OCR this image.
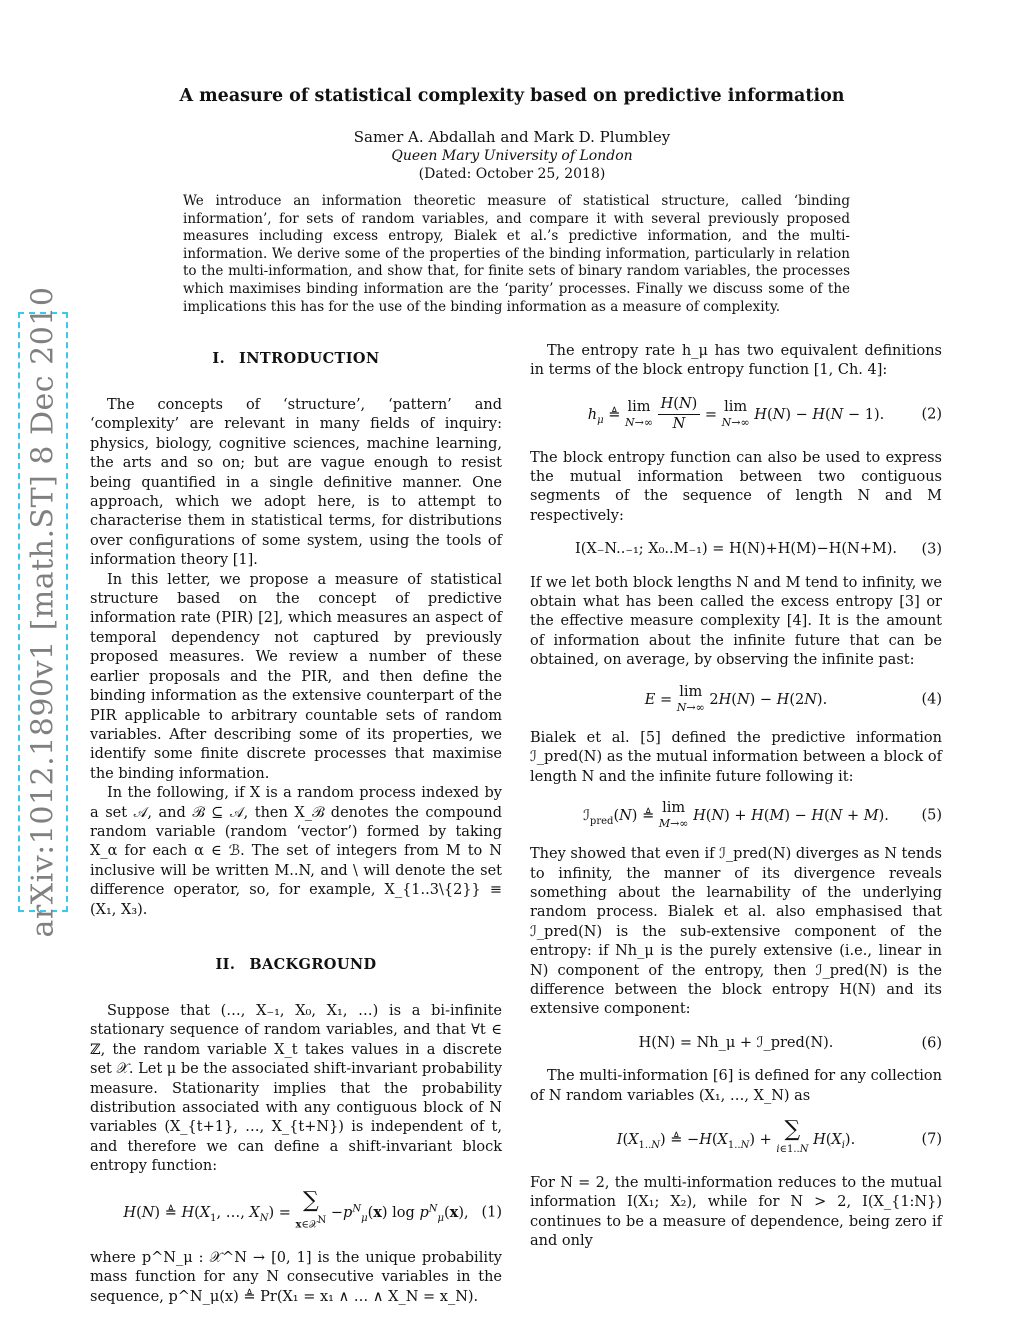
arXiv:1012.1890v1 [math.ST] 8 Dec 2010
A measure of statistical complexity based on predictive information
Samer A. Abdallah and Mark D. Plumbley
Queen Mary University of London
(Dated: October 25, 2018)
We introduce an information theoretic measure of statistical structure, called ‘binding information’, for sets of random variables, and compare it with several previously proposed measures including excess entropy, Bialek et al.’s predictive information, and the multi-information. We derive some of the properties of the binding information, particularly in relation to the multi-information, and show that, for finite sets of binary random variables, the processes which maximises binding information are the ‘parity’ processes. Finally we discuss some of the implications this has for the use of the binding information as a measure of complexity.
I. INTRODUCTION

The concepts of ‘structure’, ‘pattern’ and ‘complexity’ are relevant in many fields of inquiry: physics, biology, cognitive sciences, machine learning, the arts and so on; but are vague enough to resist being quantified in a single definitive manner. One approach, which we adopt here, is to attempt to characterise them in statistical terms, for distributions over configurations of some system, using the tools of information theory [1].

In this letter, we propose a measure of statistical structure based on the concept of predictive information rate (PIR) [2], which measures an aspect of temporal dependency not captured by previously proposed measures. We review a number of these earlier proposals and the PIR, and then define the binding information as the extensive counterpart of the PIR applicable to arbitrary countable sets of random variables. After describing some of its properties, we identify some finite discrete processes that maximise the binding information.

In the following, if X is a random process indexed by a set 𝒜, and ℬ ⊆ 𝒜, then X_ℬ denotes the compound random variable (random ‘vector’) formed by taking X_α for each α ∈ ℬ. The set of integers from M to N inclusive will be written M..N, and \ will denote the set difference operator, so, for example, X_{1..3\{2}} ≡ (X₁, X₃).

II. BACKGROUND

Suppose that (…, X₋₁, X₀, X₁, …) is a bi-infinite stationary sequence of random variables, and that ∀t ∈ ℤ, the random variable X_t takes values in a discrete set 𝒳. Let μ be the associated shift-invariant probability measure. Stationarity implies that the probability distribution associated with any contiguous block of N variables (X_{t+1}, …, X_{t+N}) is independent of t, and therefore we can define a shift-invariant block entropy function:

H(N) ≜ $H(X_1$, …, $X_N$) =
∑
x∈𝒳$^N$ $-p^N_\mu(x)$ $\log p^N_\mu(x)$, (1)

where p^N_μ : 𝒳^N → [0, 1] is the unique probability mass function for any N consecutive variables in the sequence, p^N_μ(x) ≜ Pr(X₁ = x₁ ∧ … ∧ X_N = x_N).

The entropy rate h_μ has two equivalent definitions in terms of the block entropy function [1, Ch. 4]:

$h_\mu$ ≜ lim
N→∞
$\frac{H(N)}{N} = \lim$
N→∞ H(N) − H(N − 1).	(2)

The block entropy function can also be used to express the mutual information between two contiguous segments of the sequence of length N and M respectively:

I(X₋N..₋₁; X₀..M₋₁) = H(N)+H(M)−H(N+M). (3)

If we let both block lengths N and M tend to infinity, we obtain what has been called the excess entropy [3] or the effective measure complexity [4]. It is the amount of information about the infinite future that can be obtained, on average, by observing the infinite past:

E = lim
N→∞ 2H(N) − H(2N).	(4)

Bialek et al. [5] defined the predictive information ℐ_pred(N) as the mutual information between a block of length N and the infinite future following it:

ℐ$_{pred}$(N) ≜ lim
M→∞ H(N) + H(M) − H(N + M). (5)

They showed that even if ℐ_pred(N) diverges as N tends to infinity, the manner of its divergence reveals something about the learnability of the underlying random process. Bialek et al. also emphasised that ℐ_pred(N) is the sub-extensive component of the entropy: if Nh_μ is the purely extensive (i.e., linear in N) component of the entropy, then ℐ_pred(N) is the difference between the block entropy H(N) and its extensive component:

H(N) = Nh_μ + ℐ_pred(N).	(6)

The multi-information [6] is defined for any collection of N random variables (X₁, …, X_N) as

$I(X_{1..N})$ ≜ $-H(X_{1..N})$ + ∑
i∈1..N
$H(X_i)$.	(7)

For N = 2, the multi-information reduces to the mutual information I(X₁; X₂), while for N > 2, I(X_{1:N}) continues to be a measure of dependence, being zero if and only
